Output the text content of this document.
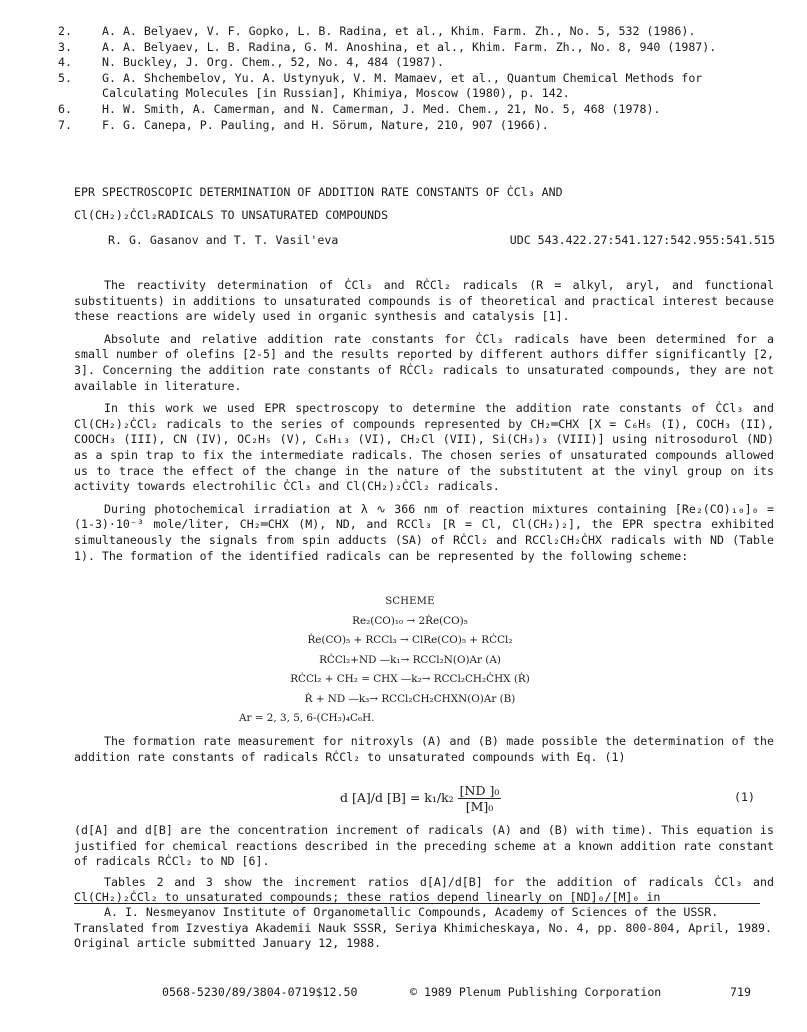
2.	A. A. Belyaev, V. F. Gopko, L. B. Radina, et al., Khim. Farm. Zh., No. 5, 532 (1986).
3.	A. A. Belyaev, L. B. Radina, G. M. Anoshina, et al., Khim. Farm. Zh., No. 8, 940 (1987).
4.	N. Buckley, J. Org. Chem., 52, No. 4, 484 (1987).
5.	G. A. Shchembelov, Yu. A. Ustynyuk, V. M. Mamaev, et al., Quantum Chemical Methods for
Calculating Molecules [in Russian], Khimiya, Moscow (1980), p. 142.
6.	H. W. Smith, A. Camerman, and N. Camerman, J. Med. Chem., 21, No. 5, 468 (1978).
7.	F. G. Canepa, P. Pauling, and H. Sörum, Nature, 210, 907 (1966).
EPR SPECTROSCOPIC DETERMINATION OF ADDITION RATE CONSTANTS OF ĊCl₃ AND
Cl(CH₂)₂ĊCl₂RADICALS TO UNSATURATED COMPOUNDS
R. G. Gasanov and T. T. Vasil'eva	UDC 543.422.27:541.127:542.955:541.515

The reactivity determination of ĊCl₃ and RĊCl₂ radicals (R = alkyl, aryl, and functional substituents) in additions to unsaturated compounds is of theoretical and practical interest because these reactions are widely used in organic synthesis and catalysis [1].

Absolute and relative addition rate constants for ĊCl₃ radicals have been determined for a small number of olefins [2-5] and the results reported by different authors differ significantly [2, 3]. Concerning the addition rate constants of RĊCl₂ radicals to unsaturated compounds, they are not available in literature.

In this work we used EPR spectroscopy to determine the addition rate constants of ĊCl₃ and Cl(CH₂)₂ĊCl₂ radicals to the series of compounds represented by CH₂═CHX [X = C₆H₅ (I), COCH₃ (II), COOCH₃ (III), CN (IV), OC₂H₅ (V), C₆H₁₃ (VI), CH₂Cl (VII), Si(CH₃)₃ (VIII)] using nitrosodurol (ND) as a spin trap to fix the intermediate radicals. The chosen series of unsaturated compounds allowed us to trace the effect of the change in the nature of the substitutent at the vinyl group on its activity towards electrohilic ĊCl₃ and Cl(CH₂)₂ĊCl₂ radicals.

During photochemical irradiation at λ ∿ 366 nm of reaction mixtures containing [Re₂(CO)₁₀]₀ = (1-3)·10⁻³ mole/liter, CH₂═CHX (M), ND, and RCCl₃ [R = Cl, Cl(CH₂)₂], the EPR spectra exhibited simultaneously the signals from spin adducts (SA) of RĊCl₂ and RCCl₂CH₂ĊHX radicals with ND (Table 1). The formation of the identified radicals can be represented by the following scheme:

SCHEME
Re₂(CO)₁₀ → 2Ṙe(CO)₅
Ṙe(CO)₅ + RCCl₃ → ClRe(CO)₅ + RĊCl₂
RĊCl₂+ND —k₁→ RCCl₂N(O)Ar (A)
RĊCl₂ + CH₂ = CHX —k₂→ RCCl₂CH₂ĊHX (Ṙ)
Ṙ + ND —k₃→ RCCl₂CH₂CHXN(O)Ar (B)
Ar = 2, 3, 5, 6-(CH₃)₄C₆H.

The formation rate measurement for nitroxyls (A) and (B) made possible the determination of the addition rate constants of radicals RĊCl₂ to unsaturated compounds with Eq. (1)

d [A]/d $[B] = k_1/k_2 \frac{\text{[ND ]₀}}{\text{[M]₀}}$	(1)

(d[A] and d[B] are the concentration increment of radicals (A) and (B) with time). This equation is justified for chemical reactions described in the preceding scheme at a known addition rate constant of radicals RĊCl₂ to ND [6].

Tables 2 and 3 show the increment ratios d[A]/d[B] for the addition of radicals ĊCl₃ and Cl(CH₂)₂ĊCl₂ to unsaturated compounds; these ratios depend linearly on [ND]₀/[M]₀ in

A. I. Nesmeyanov Institute of Organometallic Compounds, Academy of Sciences of the USSR. Translated from Izvestiya Akademii Nauk SSSR, Seriya Khimicheskaya, No. 4, pp. 800-804, April, 1989. Original article submitted January 12, 1988.

0568-5230/89/3804-0719$12.50	© 1989 Plenum Publishing Corporation	719
